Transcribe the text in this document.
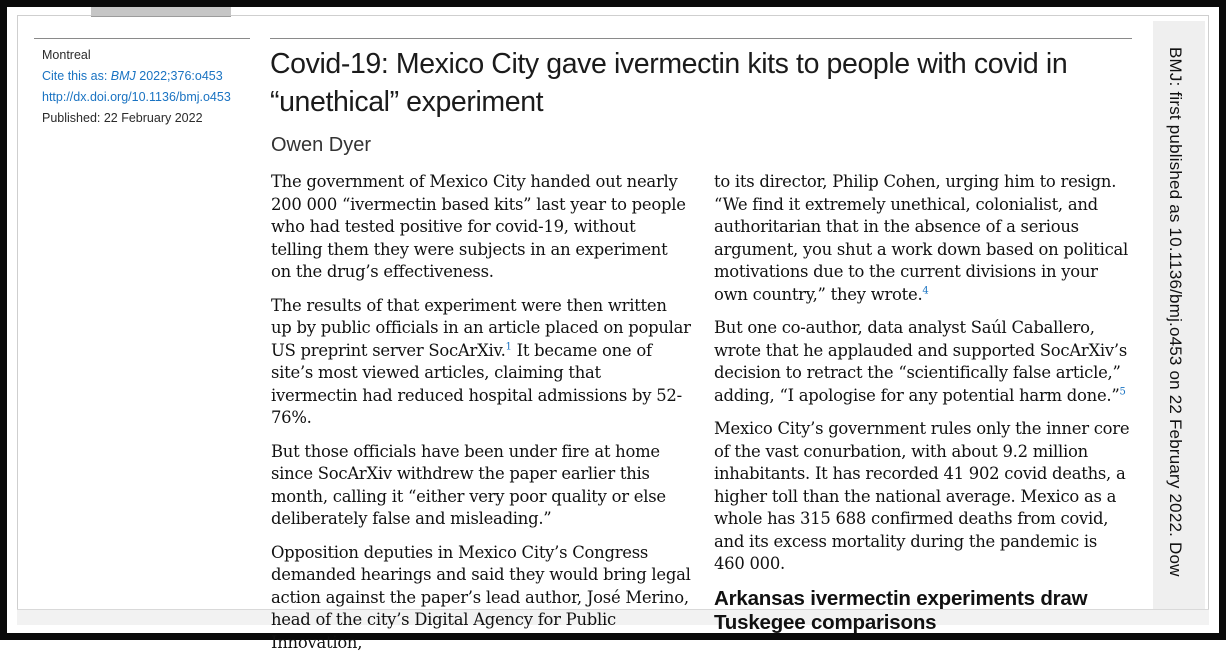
Montreal
Cite this as: BMJ 2022;376:o453
http://dx.doi.org/10.1136/bmj.o453
Published: 22 February 2022
Covid-19: Mexico City gave ivermectin kits to people with covid in “unethical” experiment
Owen Dyer

The government of Mexico City handed out nearly 200 000 “ivermectin based kits” last year to people who had tested positive for covid-19, without telling them they were subjects in an experiment on the drug’s effectiveness.

The results of that experiment were then written up by public officials in an article placed on popular US preprint server SocArXiv.$^1$ It became one of site’s most viewed articles, claiming that ivermectin had reduced hospital admissions by 52-76%.

But those officials have been under fire at home since SocArXiv withdrew the paper earlier this month, calling it “either very poor quality or else deliberately false and misleading.”

Opposition deputies in Mexico City’s Congress demanded hearings and said they would bring legal action against the paper’s lead author, José Merino, head of the city’s Digital Agency for Public Innovation,

to its director, Philip Cohen, urging him to resign. “We find it extremely unethical, colonialist, and authoritarian that in the absence of a serious argument, you shut a work down based on political motivations due to the current divisions in your own country,” they wrote.$^4$

But one co-author, data analyst Saúl Caballero, wrote that he applauded and supported SocArXiv’s decision to retract the “scientifically false article,” adding, “I apologise for any potential harm done.”$^5$

Mexico City’s government rules only the inner core of the vast conurbation, with about 9.2 million inhabitants. It has recorded 41 902 covid deaths, a higher toll than the national average. Mexico as a whole has 315 688 confirmed deaths from covid, and its excess mortality during the pandemic is 460 000.

Arkansas ivermectin experiments draw Tuskegee comparisons
BMJ: first published as 10.1136/bmj.o453 on 22 February 2022. Dow
